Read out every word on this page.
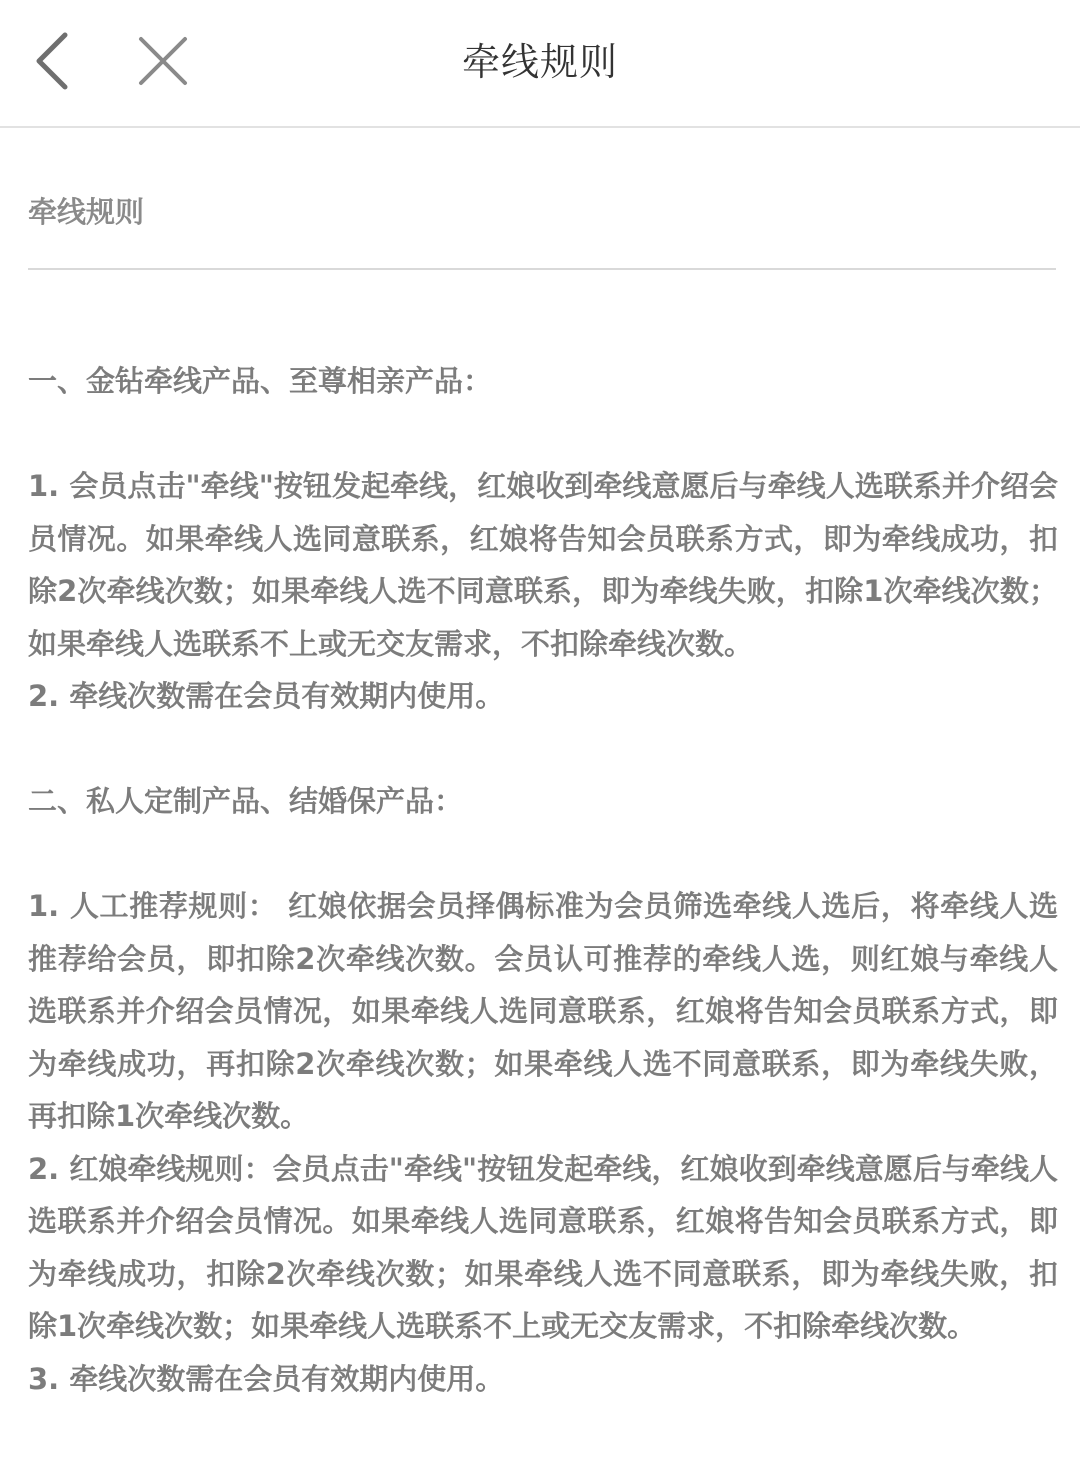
牵线规则
牵线规则

一、金钻牵线产品、至尊相亲产品：

1. 会员点击"牵线"按钮发起牵线，红娘收到牵线意愿后与牵线人选联系并介绍会员情况。如果牵线人选同意联系，红娘将告知会员联系方式，即为牵线成功，扣除2次牵线次数；如果牵线人选不同意联系，即为牵线失败，扣除1次牵线次数；如果牵线人选联系不上或无交友需求，不扣除牵线次数。

2. 牵线次数需在会员有效期内使用。

二、私人定制产品、结婚保产品：

1. 人工推荐规则： 红娘依据会员择偶标准为会员筛选牵线人选后，将牵线人选推荐给会员，即扣除2次牵线次数。会员认可推荐的牵线人选，则红娘与牵线人选联系并介绍会员情况，如果牵线人选同意联系，红娘将告知会员联系方式，即为牵线成功，再扣除2次牵线次数；如果牵线人选不同意联系，即为牵线失败，再扣除1次牵线次数。

2. 红娘牵线规则：会员点击"牵线"按钮发起牵线，红娘收到牵线意愿后与牵线人选联系并介绍会员情况。如果牵线人选同意联系，红娘将告知会员联系方式，即为牵线成功，扣除2次牵线次数；如果牵线人选不同意联系，即为牵线失败，扣除1次牵线次数；如果牵线人选联系不上或无交友需求，不扣除牵线次数。

3. 牵线次数需在会员有效期内使用。
